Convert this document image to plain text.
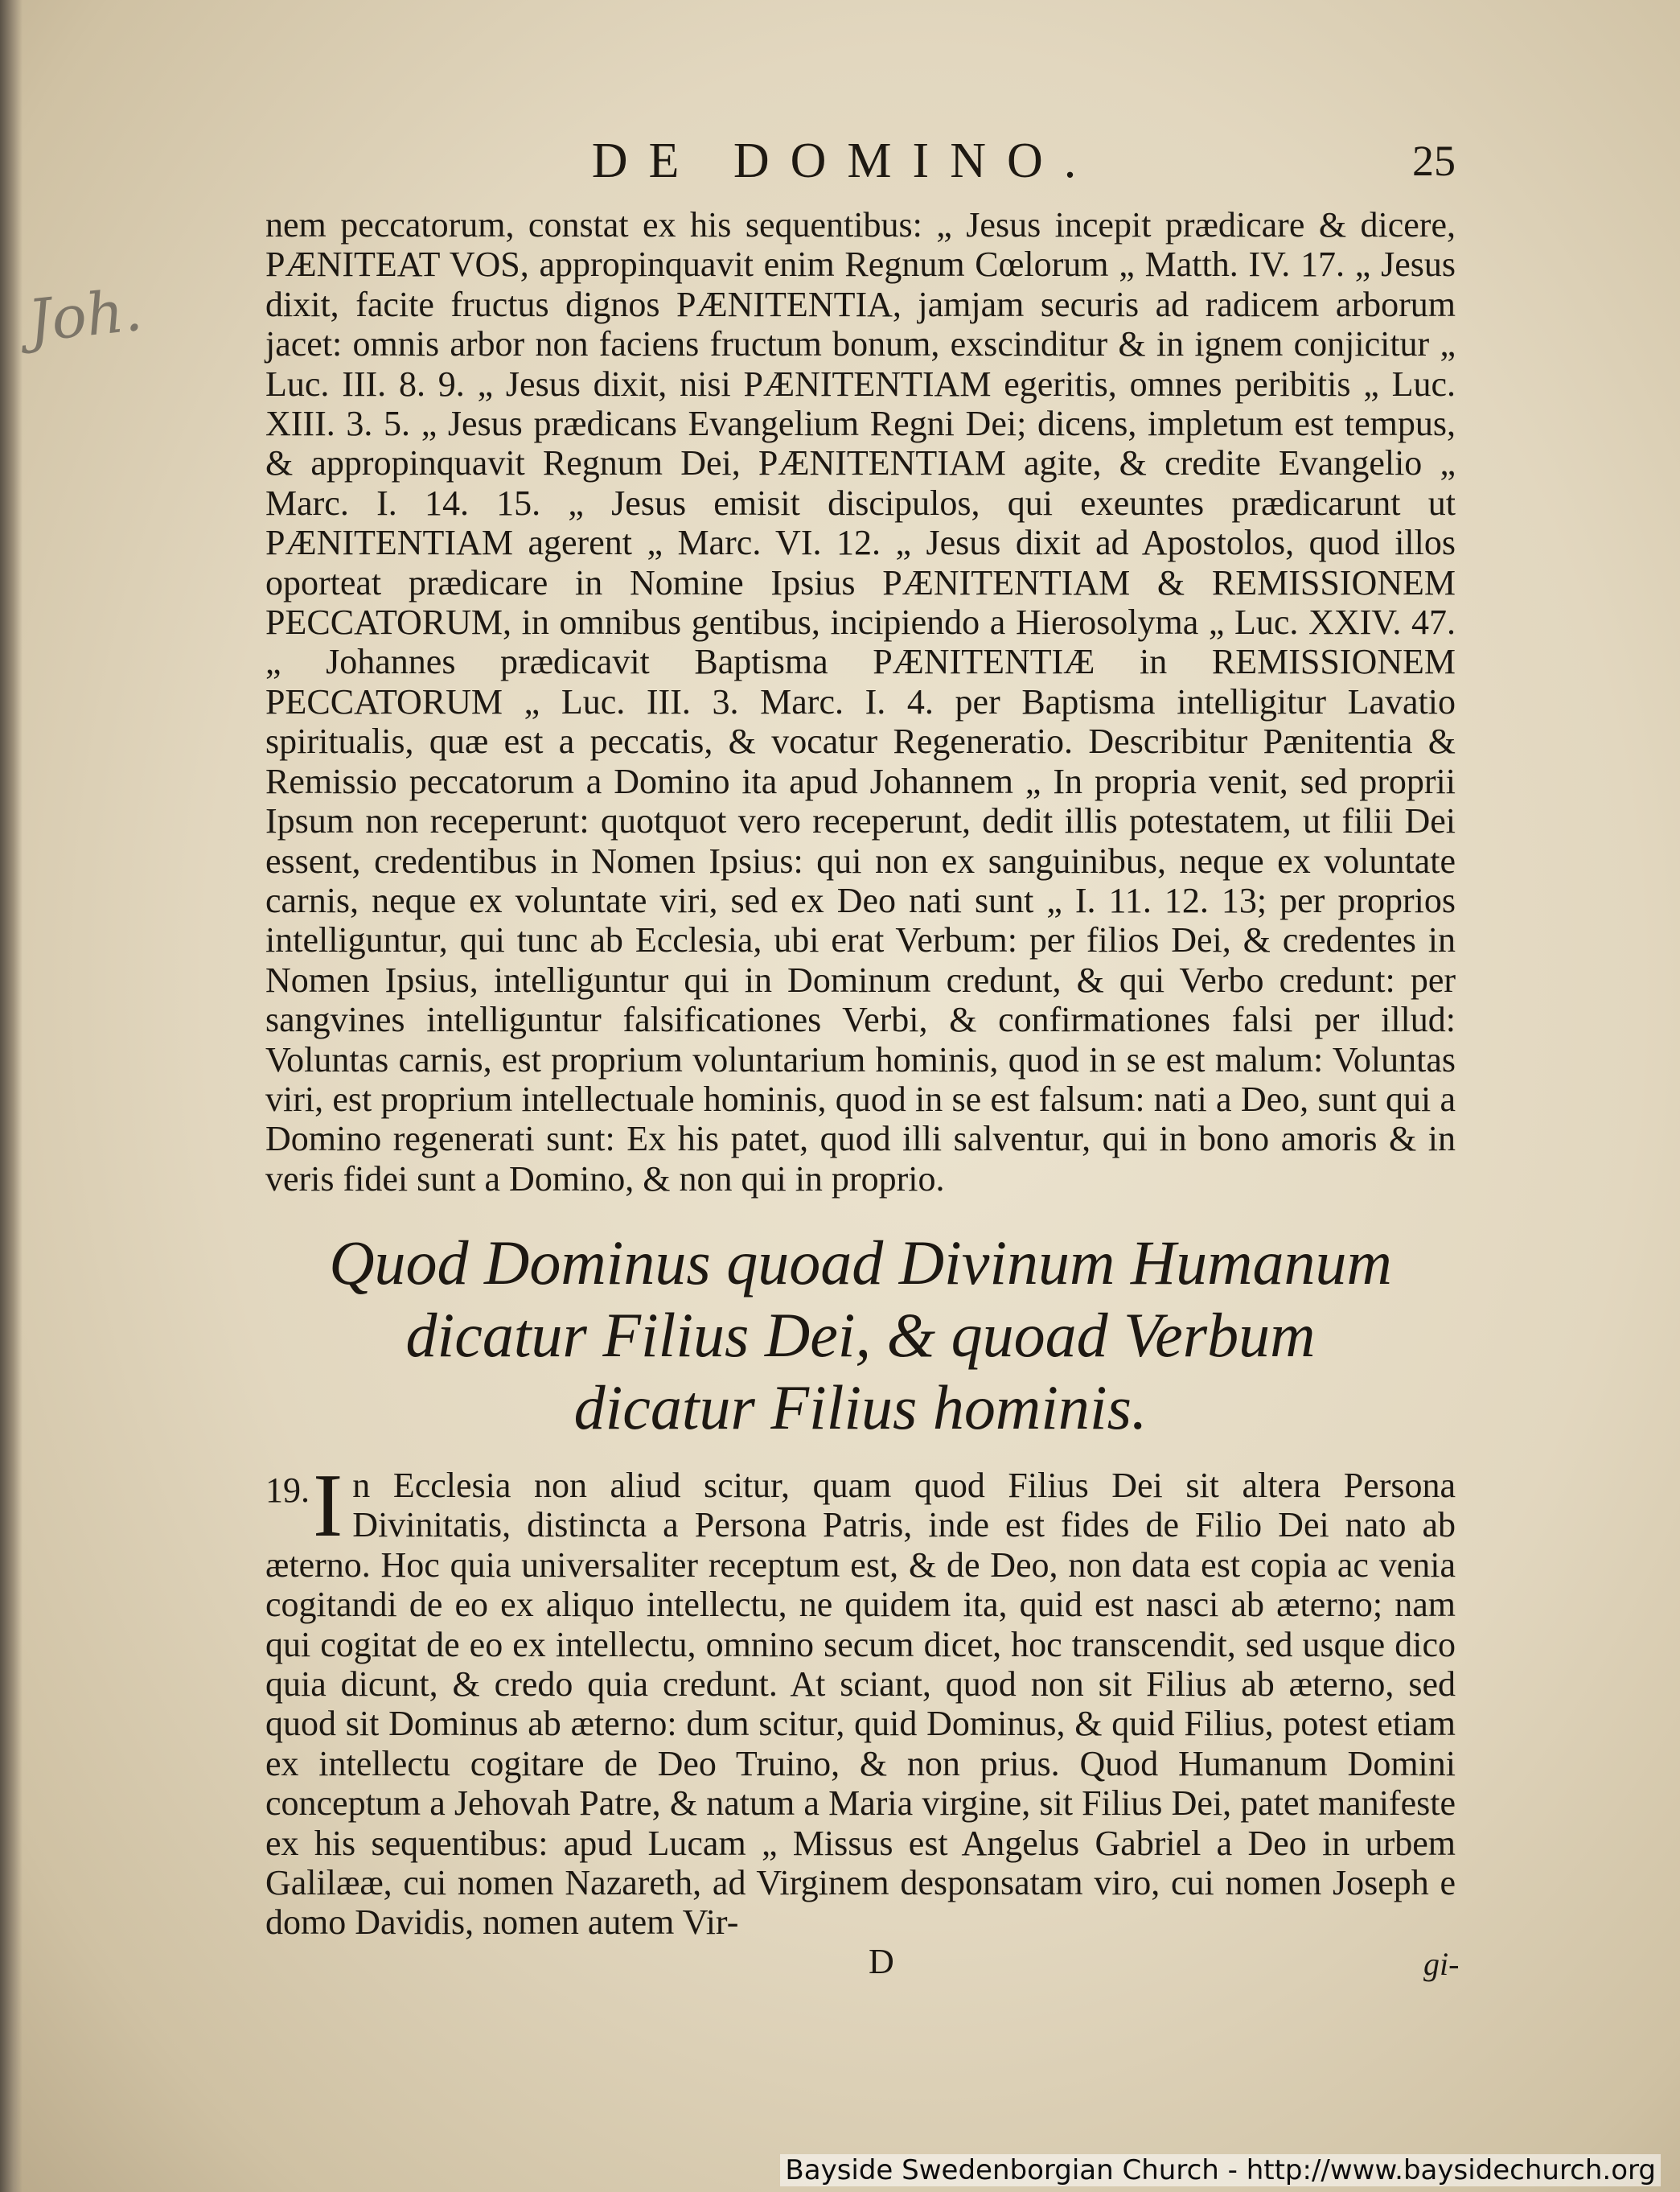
DE DOMINO.	25
Joh.
nem peccatorum, constat ex his sequentibus: „ Jesus incepit prædicare & dicere, PÆNITEAT VOS, appropinquavit enim Regnum Cœlorum „ Matth. IV. 17. „ Jesus dixit, facite fructus dignos PÆNITENTIA, jamjam securis ad radicem arborum jacet: omnis arbor non faciens fructum bonum, exscinditur & in ignem conjicitur „ Luc. III. 8. 9. „ Jesus dixit, nisi PÆNITENTIAM egeritis, omnes peribitis „ Luc. XIII. 3. 5. „ Jesus prædicans Evangelium Regni Dei; dicens, impletum est tempus, & appropinquavit Regnum Dei, PÆNITENTIAM agite, & credite Evangelio „ Marc. I. 14. 15. „ Jesus emisit discipulos, qui exeuntes prædicarunt ut PÆNITENTIAM agerent „ Marc. VI. 12. „ Jesus dixit ad Apostolos, quod illos oporteat prædicare in Nomine Ipsius PÆNITENTIAM & REMISSIONEM PECCATORUM, in omnibus gentibus, incipiendo a Hierosolyma „ Luc. XXIV. 47. „ Johannes prædicavit Baptisma PÆNITENTIÆ in REMISSIONEM PECCATORUM „ Luc. III. 3. Marc. I. 4. per Baptisma intelligitur Lavatio spiritualis, quæ est a peccatis, & vocatur Regeneratio. Describitur Pænitentia & Remissio peccatorum a Domino ita apud Johannem „ In propria venit, sed proprii Ipsum non receperunt: quotquot vero receperunt, dedit illis potestatem, ut filii Dei essent, credentibus in Nomen Ipsius: qui non ex sanguinibus, neque ex voluntate carnis, neque ex voluntate viri, sed ex Deo nati sunt „ I. 11. 12. 13; per proprios intelliguntur, qui tunc ab Ecclesia, ubi erat Verbum: per filios Dei, & credentes in Nomen Ipsius, intelliguntur qui in Dominum credunt, & qui Verbo credunt: per sangvines intelliguntur falsificationes Verbi, & confirmationes falsi per illud: Voluntas carnis, est proprium voluntarium hominis, quod in se est malum: Voluntas viri, est proprium intellectuale hominis, quod in se est falsum: nati a Deo, sunt qui a Domino regenerati sunt: Ex his patet, quod illi salventur, qui in bono amoris & in veris fidei sunt a Domino, & non qui in proprio.
Quod Dominus quoad Divinum Humanum
dicatur Filius Dei, & quoad Verbum
dicatur Filius hominis.
19. I n Ecclesia non aliud scitur, quam quod Filius Dei sit altera Persona Divinitatis, distincta a Persona Patris, inde est fides de Filio Dei nato ab æterno. Hoc quia universaliter receptum est, & de Deo, non data est copia ac venia cogitandi de eo ex aliquo intellectu, ne quidem ita, quid est nasci ab æterno; nam qui cogitat de eo ex intellectu, omnino secum dicet, hoc transcendit, sed usque dico quia dicunt, & credo quia credunt. At sciant, quod non sit Filius ab æterno, sed quod sit Dominus ab æterno: dum scitur, quid Dominus, & quid Filius, potest etiam ex intellectu cogitare de Deo Truino, & non prius. Quod Humanum Domini conceptum a Jehovah Patre, & natum a Maria virgine, sit Filius Dei, patet manifeste ex his sequentibus: apud Lucam „ Missus est Angelus Gabriel a Deo in urbem Galilææ, cui nomen Nazareth, ad Virginem desponsatam viro, cui nomen Joseph e domo Davidis, nomen autem Vir-
D	gi-
Bayside Swedenborgian Church - http://www.baysidechurch.org
